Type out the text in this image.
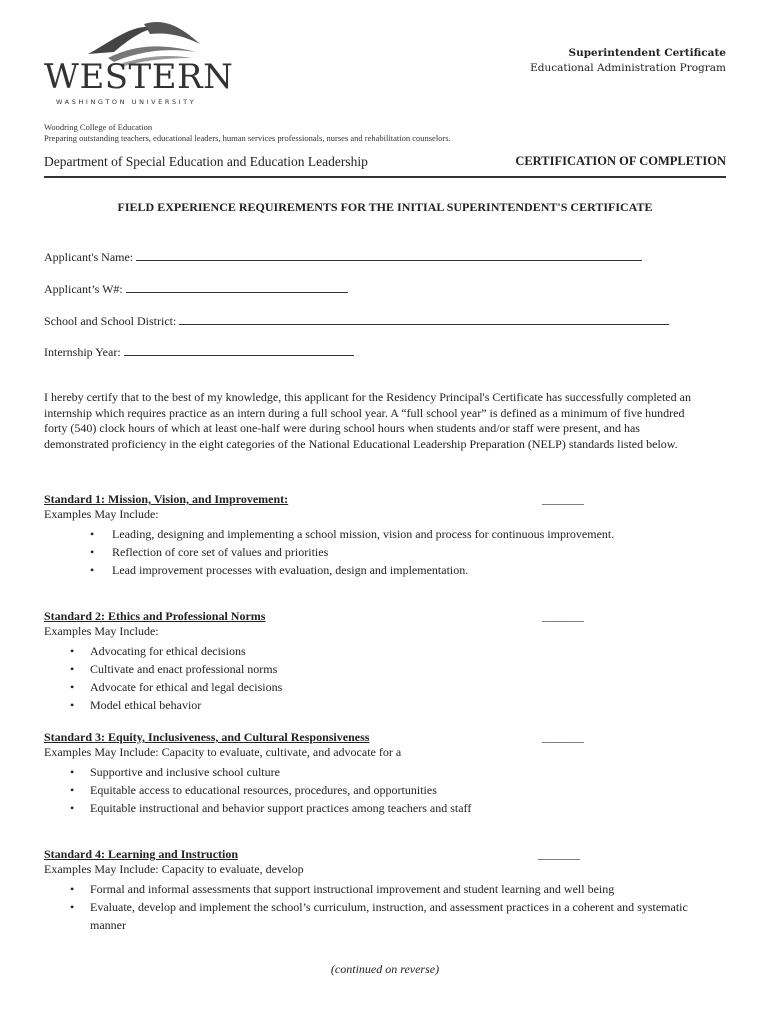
WESTERN
WASHINGTON UNIVERSITY
Superintendent Certificate
Educational Administration Program
Woodring College of Education
Preparing outstanding teachers, educational leaders, human services professionals, nurses and rehabilitation counselors.
Department of Special Education and Education Leadership	CERTIFICATION OF COMPLETION
FIELD EXPERIENCE REQUIREMENTS FOR THE INITIAL SUPERINTENDENT'S CERTIFICATE
Applicant's Name:
Applicant’s W#:
School and School District:
Internship Year:
I hereby certify that to the best of my knowledge, this applicant for the Residency Principal's Certificate has successfully completed an internship which requires practice as an intern during a full school year. A “full school year” is defined as a minimum of five hundred forty (540) clock hours of which at least one-half were during school hours when students and/or staff were present, and has demonstrated proficiency in the eight categories of the National Educational Leadership Preparation (NELP) standards listed below.
Standard 1: Mission, Vision, and Improvement:	_______
Examples May Include:
• Leading, designing and implementing a school mission, vision and process for continuous improvement.
• Reflection of core set of values and priorities
• Lead improvement processes with evaluation, design and implementation.
Standard 2: Ethics and Professional Norms	_______
Examples May Include:
• Advocating for ethical decisions
• Cultivate and enact professional norms
• Advocate for ethical and legal decisions
• Model ethical behavior
Standard 3: Equity, Inclusiveness, and Cultural Responsiveness	_______
Examples May Include: Capacity to evaluate, cultivate, and advocate for a
• Supportive and inclusive school culture
• Equitable access to educational resources, procedures, and opportunities
• Equitable instructional and behavior support practices among teachers and staff
Standard 4: Learning and Instruction	_______
Examples May Include: Capacity to evaluate, develop
• Formal and informal assessments that support instructional improvement and student learning and well being
• Evaluate, develop and implement the school’s curriculum, instruction, and assessment practices in a coherent and systematic manner
(continued on reverse)
